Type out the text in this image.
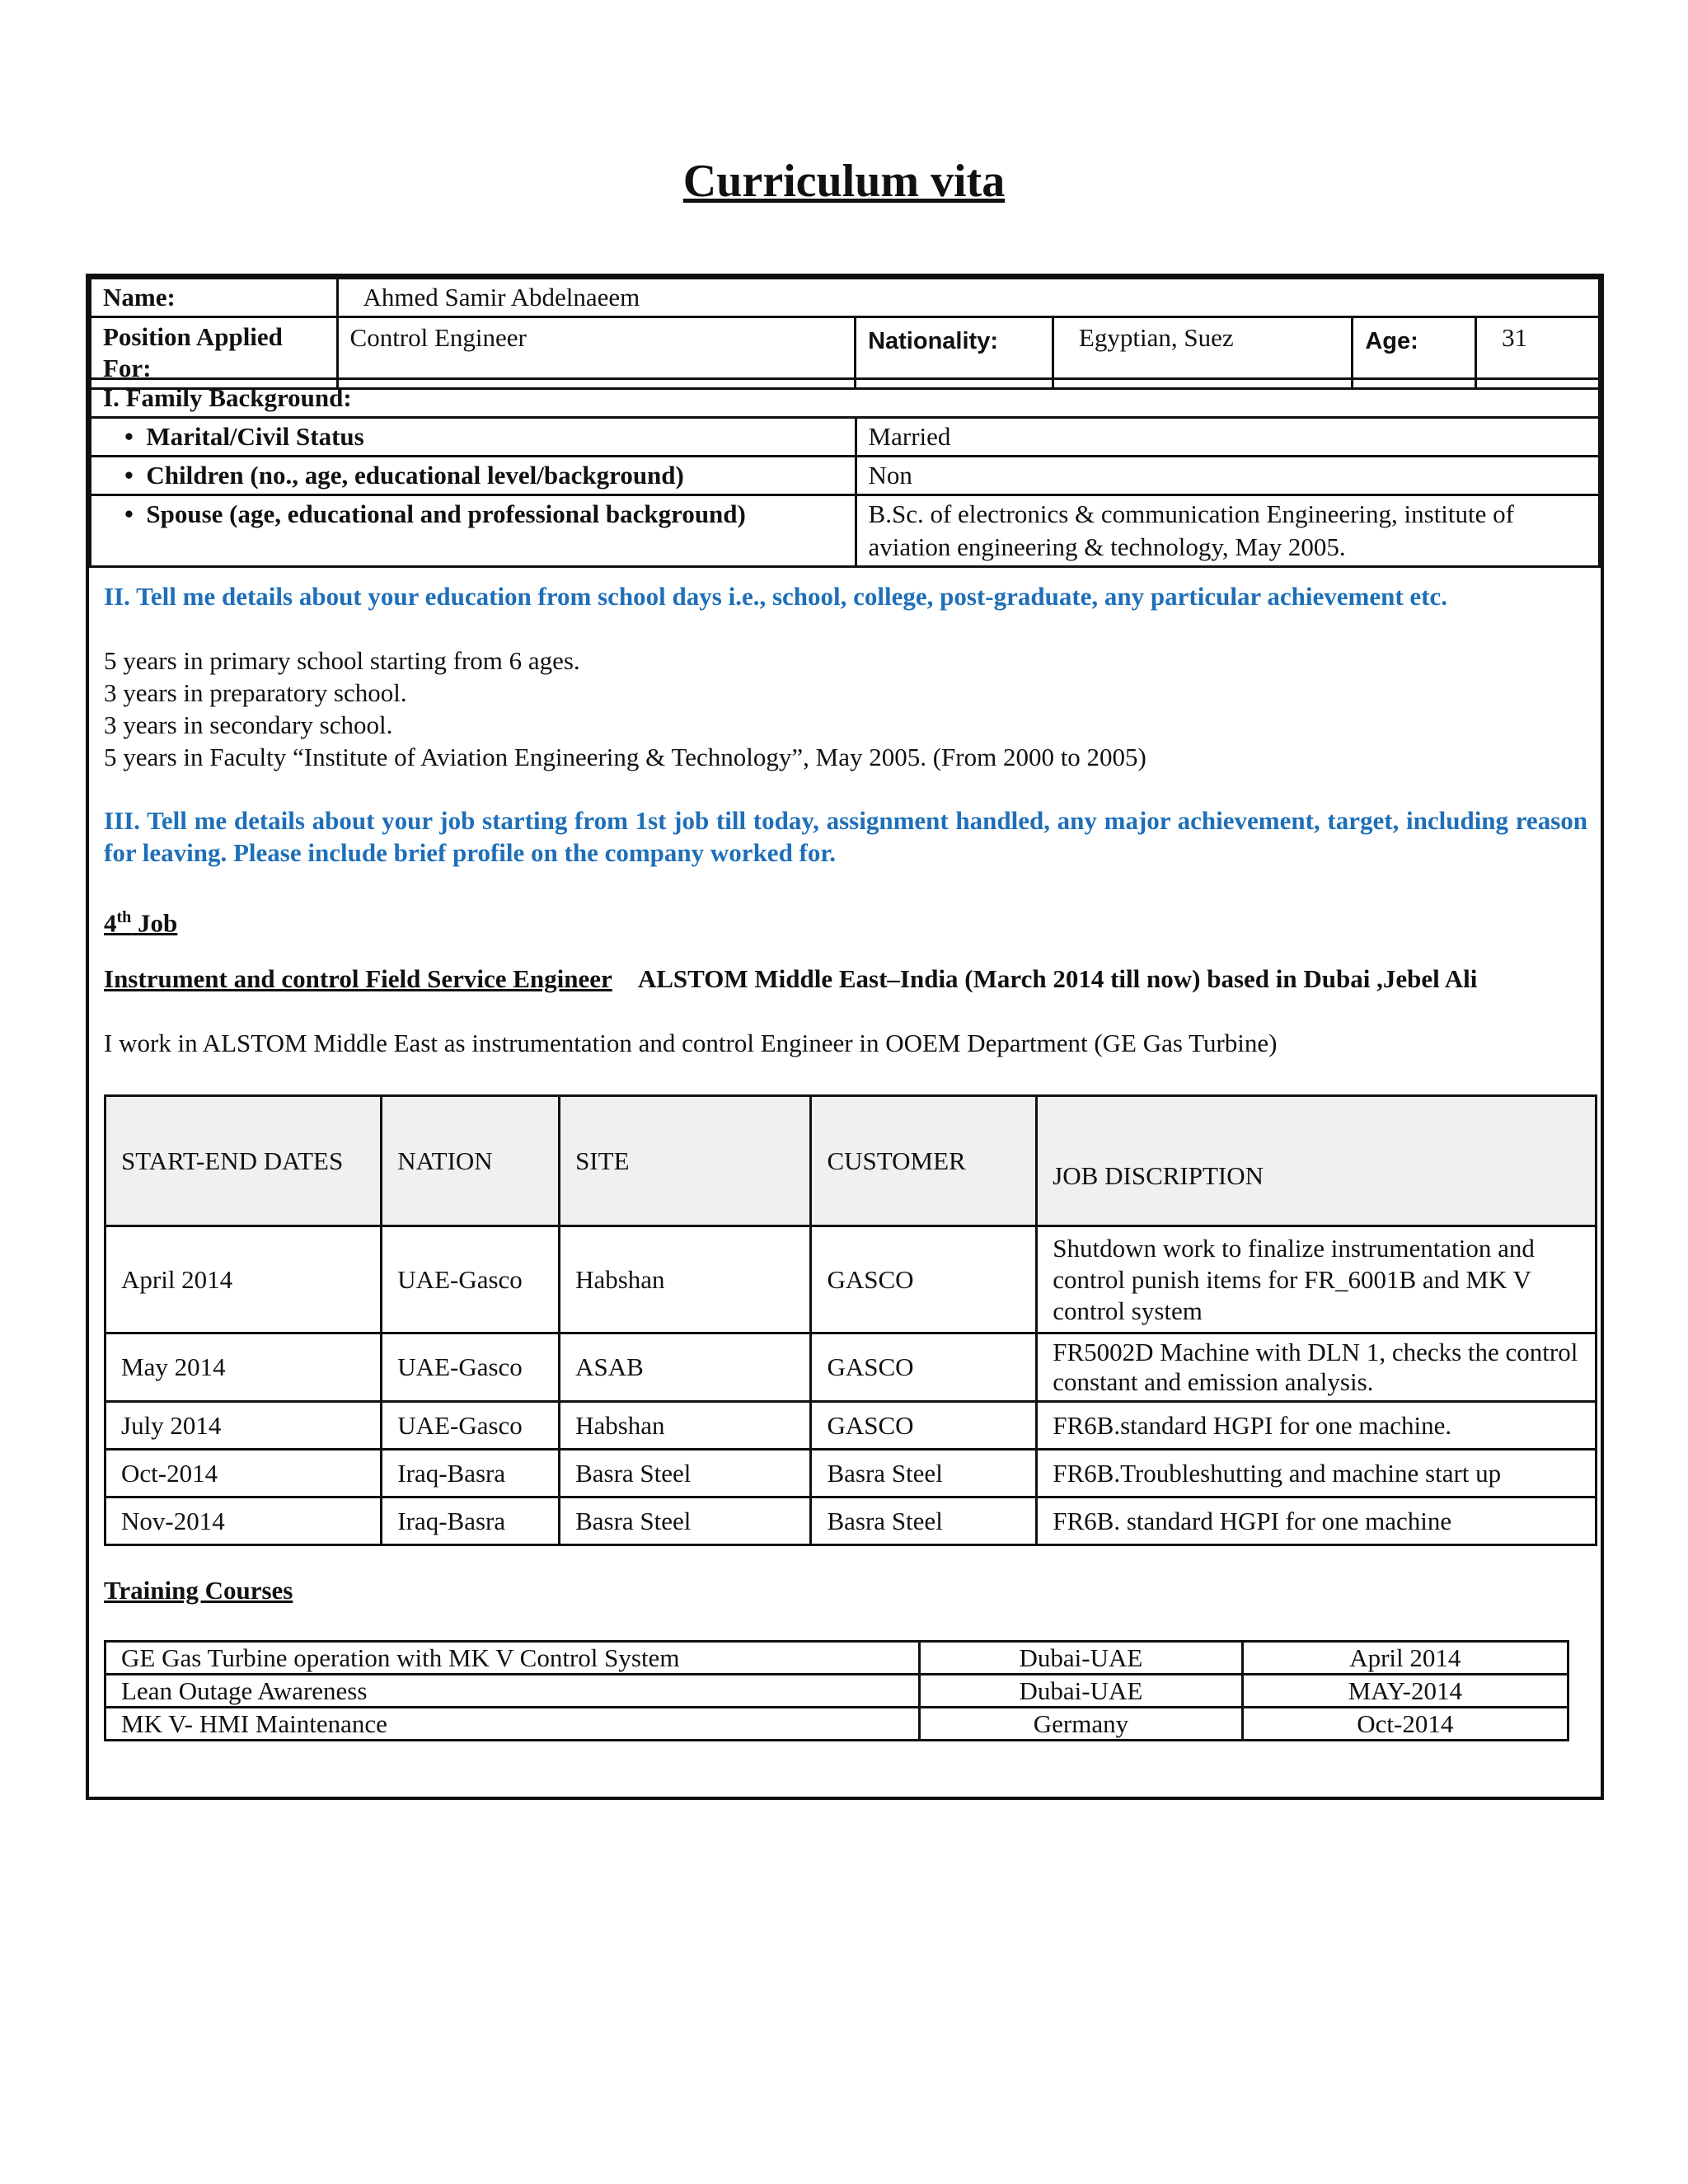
Curriculum vita
Name:	Ahmed Samir Abdelnaeem				
Position Applied For:	Control Engineer	Nationality:	Egyptian, Suez	Age:	31
I. Family Background:	
•  Marital/Civil Status	Married
•  Children (no., age, educational level/background)	Non
•  Spouse (age, educational and professional background)	B.Sc. of electronics & communication Engineering, institute of aviation engineering & technology, May 2005.
II. Tell me details about your education from school days i.e., school, college, post-graduate, any particular achievement etc.
5 years in primary school starting from 6 ages.
3 years in preparatory school.
3 years in secondary school.
5 years in Faculty “Institute of Aviation Engineering & Technology”, May 2005. (From 2000 to 2005)
III. Tell me details about your job starting from 1st job till today, assignment handled, any major achievement, target, including reason for leaving. Please include brief profile on the company worked for.
4th Job
Instrument and control Field Service Engineer ALSTOM Middle East–India (March 2014 till now) based in Dubai ,Jebel Ali
I work in ALSTOM Middle East as instrumentation and control Engineer in OOEM Department (GE Gas Turbine)
START-END DATES	NATION	SITE	CUSTOMER	JOB DISCRIPTION
April 2014	UAE-Gasco	Habshan	GASCO	Shutdown work to finalize instrumentation and control punish items for FR_6001B and MK V control system
May 2014	UAE-Gasco	ASAB	GASCO	FR5002D Machine with DLN 1, checks the control constant and emission analysis.
July 2014	UAE-Gasco	Habshan	GASCO	FR6B.standard HGPI for one machine.
Oct-2014	Iraq-Basra	Basra Steel	Basra Steel	FR6B.Troubleshutting and machine start up
Nov-2014	Iraq-Basra	Basra Steel	Basra Steel	FR6B. standard HGPI for one machine
Training Courses
GE Gas Turbine operation with MK V Control System	Dubai-UAE	April 2014
Lean Outage Awareness	Dubai-UAE	MAY-2014
MK V- HMI Maintenance	Germany	Oct-2014
